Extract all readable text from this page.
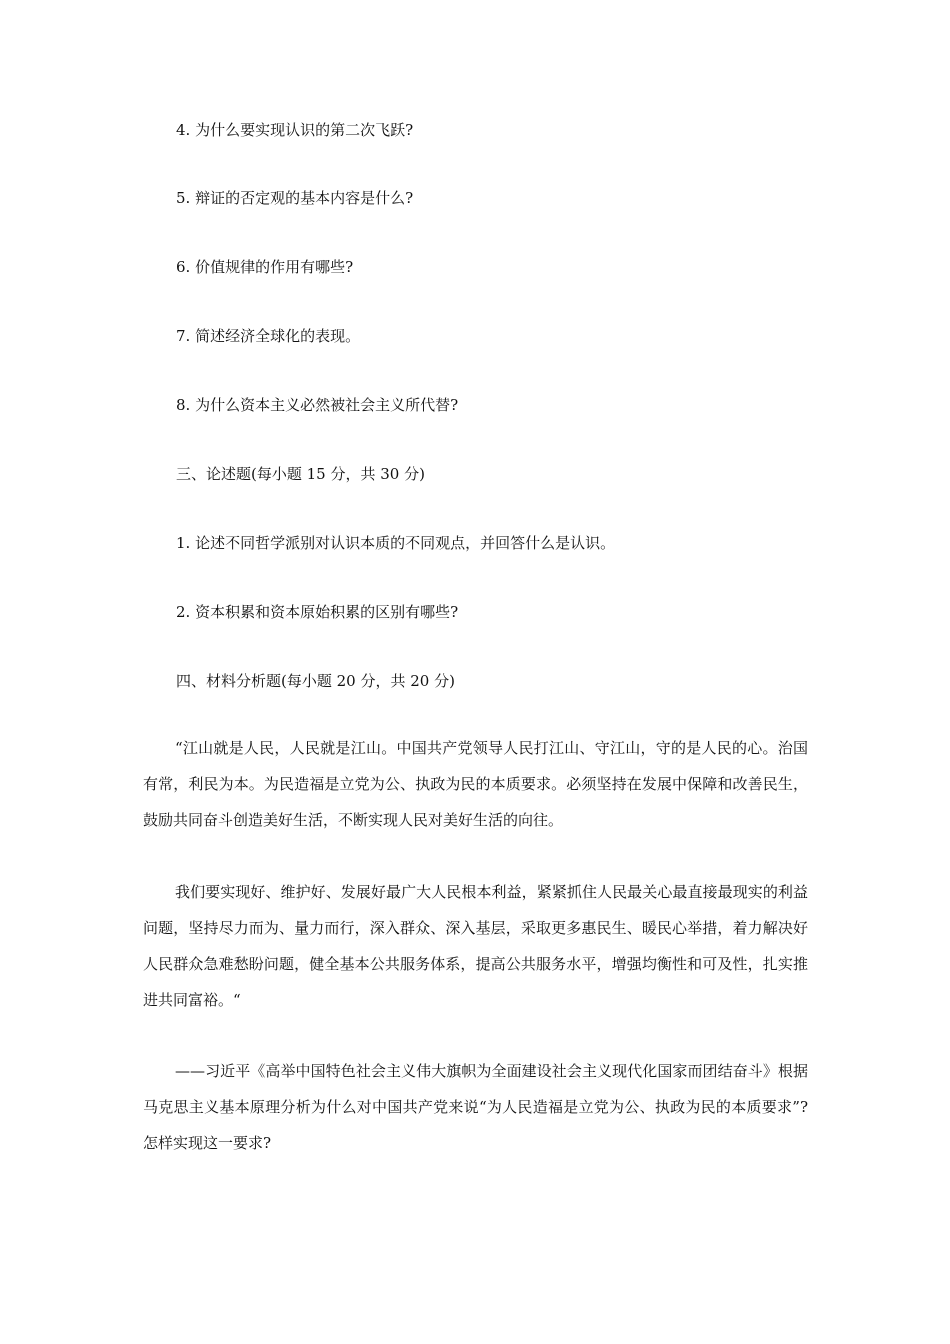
4. 为什么要实现认识的第二次飞跃?
5. 辩证的否定观的基本内容是什么?
6. 价值规律的作用有哪些?
7. 简述经济全球化的表现。
8. 为什么资本主义必然被社会主义所代替?
三、论述题(每小题 15 分，共 30 分)
1. 论述不同哲学派别对认识本质的不同观点，并回答什么是认识。
2. 资本积累和资本原始积累的区别有哪些?
四、材料分析题(每小题 20 分，共 20 分)
“江山就是人民，人民就是江山。中国共产党领导人民打江山、守江山，守的是人民的心。治国有常，利民为本。为民造福是立党为公、执政为民的本质要求。必须坚持在发展中保障和改善民生，鼓励共同奋斗创造美好生活，不断实现人民对美好生活的向往。
我们要实现好、维护好、发展好最广大人民根本利益，紧紧抓住人民最关心最直接最现实的利益问题，坚持尽力而为、量力而行，深入群众、深入基层，采取更多惠民生、暖民心举措，着力解决好人民群众急难愁盼问题，健全基本公共服务体系，提高公共服务水平，增强均衡性和可及性，扎实推进共同富裕。“
——习近平《高举中国特色社会主义伟大旗帜为全面建设社会主义现代化国家而团结奋斗》根据马克思主义基本原理分析为什么对中国共产党来说“为人民造福是立党为公、执政为民的本质要求”?怎样实现这一要求?
